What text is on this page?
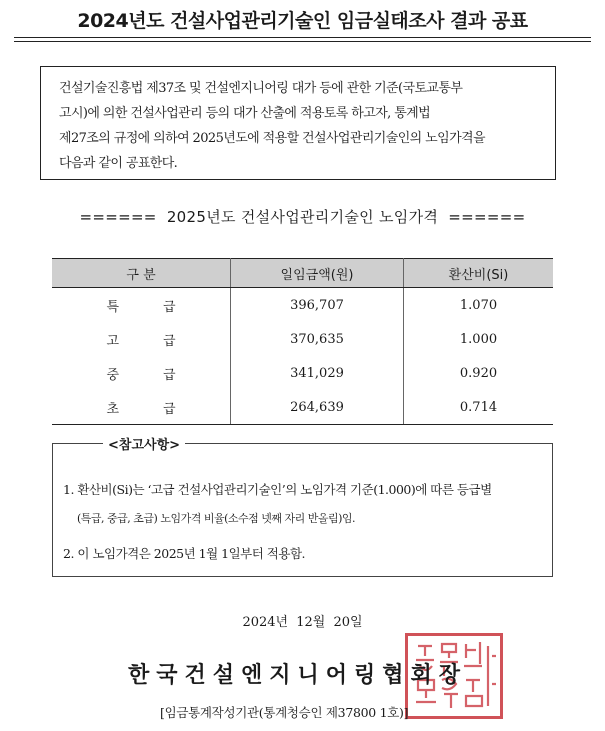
2024년도 건설사업관리기술인 임금실태조사 결과 공표
건설기술진흥법 제37조 및 건설엔지니어링 대가 등에 관한 기준(국토교통부
고시)에 의한 건설사업관리 등의 대가 산출에 적용토록 하고자, 통계법
제27조의 규정에 의하여 2025년도에 적용할 건설사업관리기술인의 노임가격을
다음과 같이 공표한다.
======  2025년도 건설사업관리기술인 노임가격  ======
구 분	일임금액(원)	환산비(Si)
특급	396,707	1.070
고급	370,635	1.000
중급	341,029	0.920
초급	264,639	0.714
1. 환산비(Si)는 ‘고급 건설사업관리기술인’의 노임가격 기준(1.000)에 따른 등급별
(특급, 중급, 초급) 노임가격 비율(소수점 넷째 자리 반올림)임.
2. 이 노임가격은 2025년 1월 1일부터 적용함.
<참고사항>
2024년 12월 20일
한국건설엔지니어링협회장
[임금통계작성기관(통계청승인 제37800 1호)]
